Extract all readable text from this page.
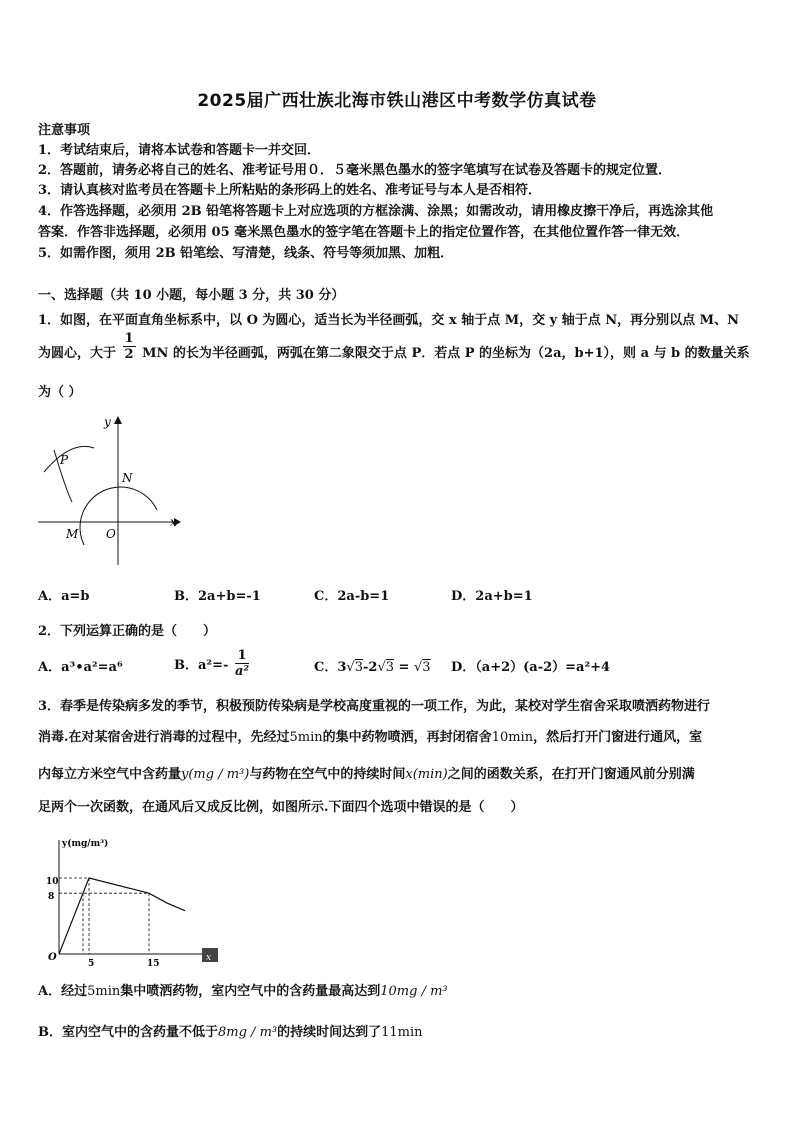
2025届广西壮族北海市铁山港区中考数学仿真试卷
注意事项
1．考试结束后，请将本试卷和答题卡一并交回．
2．答题前，请务必将自己的姓名、准考证号用０．５毫米黑色墨水的签字笔填写在试卷及答题卡的规定位置．
3．请认真核对监考员在答题卡上所粘贴的条形码上的姓名、准考证号与本人是否相符．
4．作答选择题，必须用 2B 铅笔将答题卡上对应选项的方框涂满、涂黑；如需改动，请用橡皮擦干净后，再选涂其他
答案．作答非选择题，必须用 05 毫米黑色墨水的签字笔在答题卡上的指定位置作答，在其他位置作答一律无效．
5．如需作图，须用 2B 铅笔绘、写清楚，线条、符号等须加黑、加粗．
一、选择题（共 10 小题，每小题 3 分，共 30 分）
1．如图，在平面直角坐标系中，以 O 为圆心，适当长为半径画弧，交 x 轴于点 M，交 y 轴于点 N，再分别以点 M、N
为圆心，大于 $\frac{1}{2}$ MN 的长为半径画弧，两弧在第二象限交于点 P．若点 P 的坐标为（2a，b+1），则 a 与 b 的数量关系
为（ ）
P
N
M O
y
x
A．a=b	B．2a+b=-1	C．2a-b=1	D．2a+b=1
2．下列运算正确的是（　　）
A．a³•a²=a⁶	B．$a^2=- \frac{1}{\text{a²}}$	C．3√3-2√3 = √3 D．（a+2）(a-2）=a²+4
3．春季是传染病多发的季节，积极预防传染病是学校高度重视的一项工作，为此，某校对学生宿舍采取喷洒药物进行
消毒.在对某宿舍进行消毒的过程中，先经过5min的集中药物喷洒，再封闭宿舍10min，然后打开门窗进行通风，室
内每立方米空气中含药量y(mg / m³)与药物在空气中的持续时间x(min)之间的函数关系，在打开门窗通风前分别满
足两个一次函数，在通风后又成反比例，如图所示.下面四个选项中错误的是（　　）
y(mg/m³)
x
10
8
5	15
O
A．经过5min集中喷洒药物，室内空气中的含药量最高达到10mg / m³
B．室内空气中的含药量不低于8mg / m³的持续时间达到了11min
